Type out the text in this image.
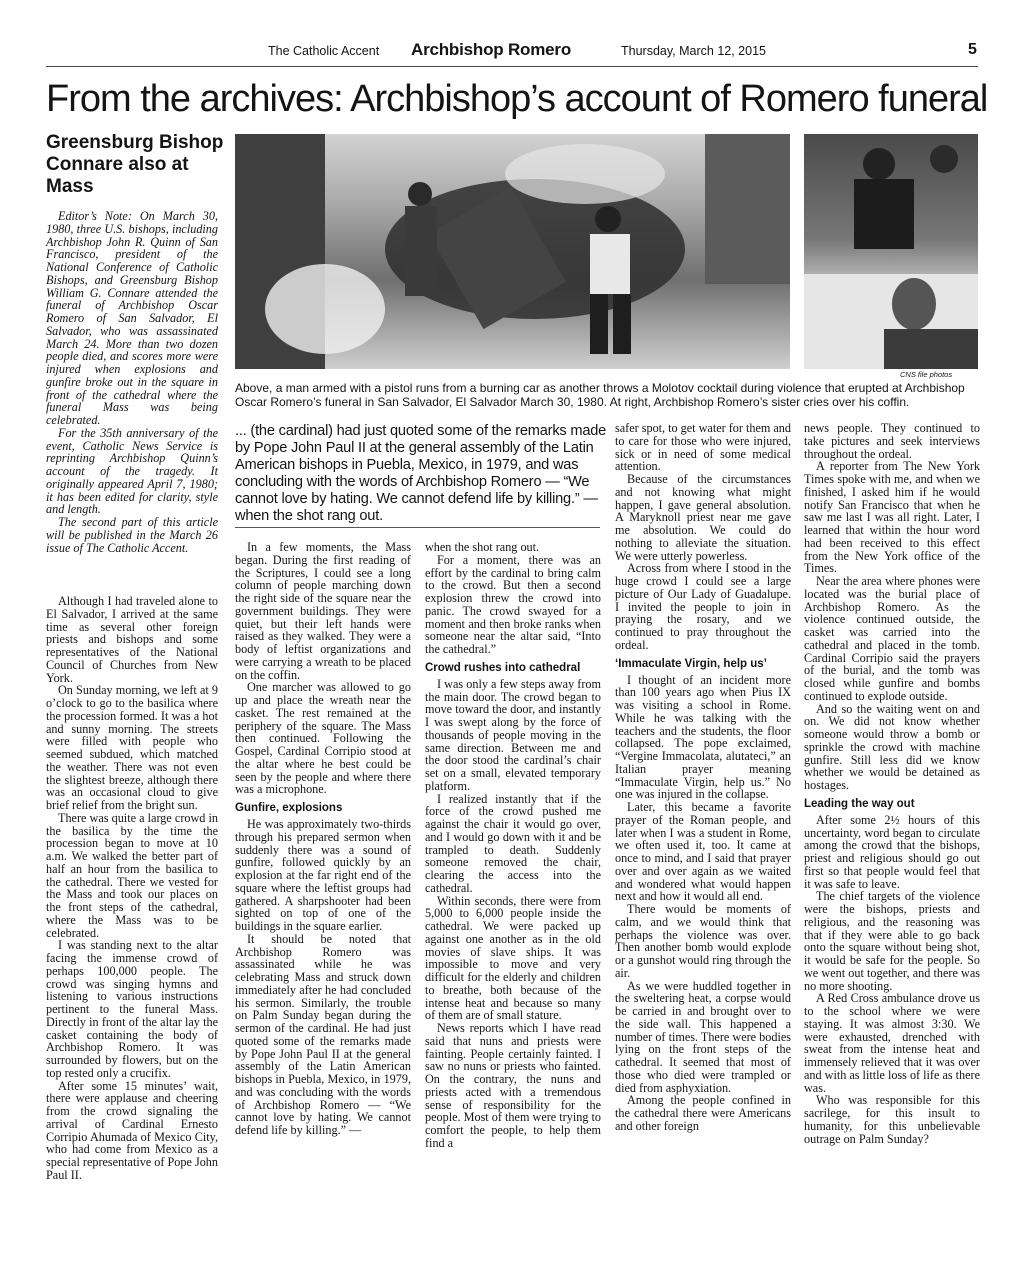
The Catholic Accent Archbishop Romero	Thursday, March 12, 2015	5
From the archives: Archbishop’s account of Romero funeral
Greensburg Bishop Connare also at Mass

Editor’s Note: On March 30, 1980, three U.S. bishops, including Archbishop John R. Quinn of San Francisco, president of the National Conference of Catholic Bishops, and Greensburg Bishop William G. Connare attended the funeral of Archbishop Oscar Romero of San Salvador, El Salvador, who was assassinated March 24. More than two dozen people died, and scores more were injured when explosions and gunfire broke out in the square in front of the cathedral where the funeral Mass was being celebrated.

For the 35th anniversary of the event, Catholic News Service is reprinting Archbishop Quinn’s account of the tragedy. It originally appeared April 7, 1980; it has been edited for clarity, style and length.

The second part of this article will be published in the March 26 issue of The Catholic Accent.

Although I had traveled alone to El Salvador, I arrived at the same time as several other foreign priests and bishops and some representatives of the National Council of Churches from New York.

On Sunday morning, we left at 9 o’clock to go to the basilica where the procession formed. It was a hot and sunny morning. The streets were filled with people who seemed subdued, which matched the weather. There was not even the slightest breeze, although there was an occasional cloud to give brief relief from the bright sun.

There was quite a large crowd in the basilica by the time the procession began to move at 10 a.m. We walked the better part of half an hour from the basilica to the cathedral. There we vested for the Mass and took our places on the front steps of the cathedral, where the Mass was to be celebrated.

I was standing next to the altar facing the immense crowd of perhaps 100,000 people. The crowd was singing hymns and listening to various instructions pertinent to the funeral Mass. Directly in front of the altar lay the casket containing the body of Archbishop Romero. It was surrounded by flowers, but on the top rested only a crucifix.

After some 15 minutes’ wait, there were applause and cheering from the crowd signaling the arrival of Cardinal Ernesto Corripio Ahumada of Mexico City, who had come from Mexico as a special representative of Pope John Paul II.

CNS file photos
Above, a man armed with a pistol runs from a burning car as another throws a Molotov cocktail during violence that erupted at Archbishop Oscar Romero’s funeral in San Salvador, El Salvador March 30, 1980. At right, Archbishop Romero’s sister cries over his coffin.
... (the cardinal) had just quoted some of the remarks made by Pope John Paul II at the general assembly of the Latin American bishops in Puebla, Mexico, in 1979, and was concluding with the words of Archbishop Romero — “We cannot love by hating. We cannot defend life by killing.” — when the shot rang out.

In a few moments, the Mass began. During the first reading of the Scriptures, I could see a long column of people marching down the right side of the square near the government buildings. They were quiet, but their left hands were raised as they walked. They were a body of leftist organizations and were carrying a wreath to be placed on the coffin.

One marcher was allowed to go up and place the wreath near the casket. The rest remained at the periphery of the square. The Mass then continued. Following the Gospel, Cardinal Corripio stood at the altar where he best could be seen by the people and where there was a microphone.

Gunfire, explosions

He was approximately two-thirds through his prepared sermon when suddenly there was a sound of gunfire, followed quickly by an explosion at the far right end of the square where the leftist groups had gathered. A sharpshooter had been sighted on top of one of the buildings in the square earlier.

It should be noted that Archbishop Romero was assassinated while he was celebrating Mass and struck down immediately after he had concluded his sermon. Similarly, the trouble on Palm Sunday began during the sermon of the cardinal. He had just quoted some of the remarks made by Pope John Paul II at the general assembly of the Latin American bishops in Puebla, Mexico, in 1979, and was concluding with the words of Archbishop Romero — “We cannot love by hating. We cannot defend life by killing.” —

when the shot rang out.

For a moment, there was an effort by the cardinal to bring calm to the crowd. But then a second explosion threw the crowd into panic. The crowd swayed for a moment and then broke ranks when someone near the altar said, “Into the cathedral.”

Crowd rushes into cathedral

I was only a few steps away from the main door. The crowd began to move toward the door, and instantly I was swept along by the force of thousands of people moving in the same direction. Between me and the door stood the cardinal’s chair set on a small, elevated temporary platform.

I realized instantly that if the force of the crowd pushed me against the chair it would go over, and I would go down with it and be trampled to death. Suddenly someone removed the chair, clearing the access into the cathedral.

Within seconds, there were from 5,000 to 6,000 people inside the cathedral. We were packed up against one another as in the old movies of slave ships. It was impossible to move and very difficult for the elderly and children to breathe, both because of the intense heat and because so many of them are of small stature.

News reports which I have read said that nuns and priests were fainting. People certainly fainted. I saw no nuns or priests who fainted. On the contrary, the nuns and priests acted with a tremendous sense of responsibility for the people. Most of them were trying to comfort the people, to help them find a

safer spot, to get water for them and to care for those who were injured, sick or in need of some medical attention.

Because of the circumstances and not knowing what might happen, I gave general absolution. A Maryknoll priest near me gave me absolution. We could do nothing to alleviate the situation. We were utterly powerless.

Across from where I stood in the huge crowd I could see a large picture of Our Lady of Guadalupe. I invited the people to join in praying the rosary, and we continued to pray throughout the ordeal.

‘Immaculate Virgin, help us’

I thought of an incident more than 100 years ago when Pius IX was visiting a school in Rome. While he was talking with the teachers and the students, the floor collapsed. The pope exclaimed, “Vergine Immacolata, alutateci,” an Italian prayer meaning “Immaculate Virgin, help us.” No one was injured in the collapse.

Later, this became a favorite prayer of the Roman people, and later when I was a student in Rome, we often used it, too. It came at once to mind, and I said that prayer over and over again as we waited and wondered what would happen next and how it would all end.

There would be moments of calm, and we would think that perhaps the violence was over. Then another bomb would explode or a gunshot would ring through the air.

As we were huddled together in the sweltering heat, a corpse would be carried in and brought over to the side wall. This happened a number of times. There were bodies lying on the front steps of the cathedral. It seemed that most of those who died were trampled or died from asphyxiation.

Among the people confined in the cathedral there were Americans and other foreign

news people. They continued to take pictures and seek interviews throughout the ordeal.

A reporter from The New York Times spoke with me, and when we finished, I asked him if he would notify San Francisco that when he saw me last I was all right. Later, I learned that within the hour word had been received to this effect from the New York office of the Times.

Near the area where phones were located was the burial place of Archbishop Romero. As the violence continued outside, the casket was carried into the cathedral and placed in the tomb. Cardinal Corripio said the prayers of the burial, and the tomb was closed while gunfire and bombs continued to explode outside.

And so the waiting went on and on. We did not know whether someone would throw a bomb or sprinkle the crowd with machine gunfire. Still less did we know whether we would be detained as hostages.

Leading the way out

After some 2½ hours of this uncertainty, word began to circulate among the crowd that the bishops, priest and religious should go out first so that people would feel that it was safe to leave.

The chief targets of the violence were the bishops, priests and religious, and the reasoning was that if they were able to go back onto the square without being shot, it would be safe for the people. So we went out together, and there was no more shooting.

A Red Cross ambulance drove us to the school where we were staying. It was almost 3:30. We were exhausted, drenched with sweat from the intense heat and immensely relieved that it was over and with as little loss of life as there was.

Who was responsible for this sacrilege, for this insult to humanity, for this unbelievable outrage on Palm Sunday?
